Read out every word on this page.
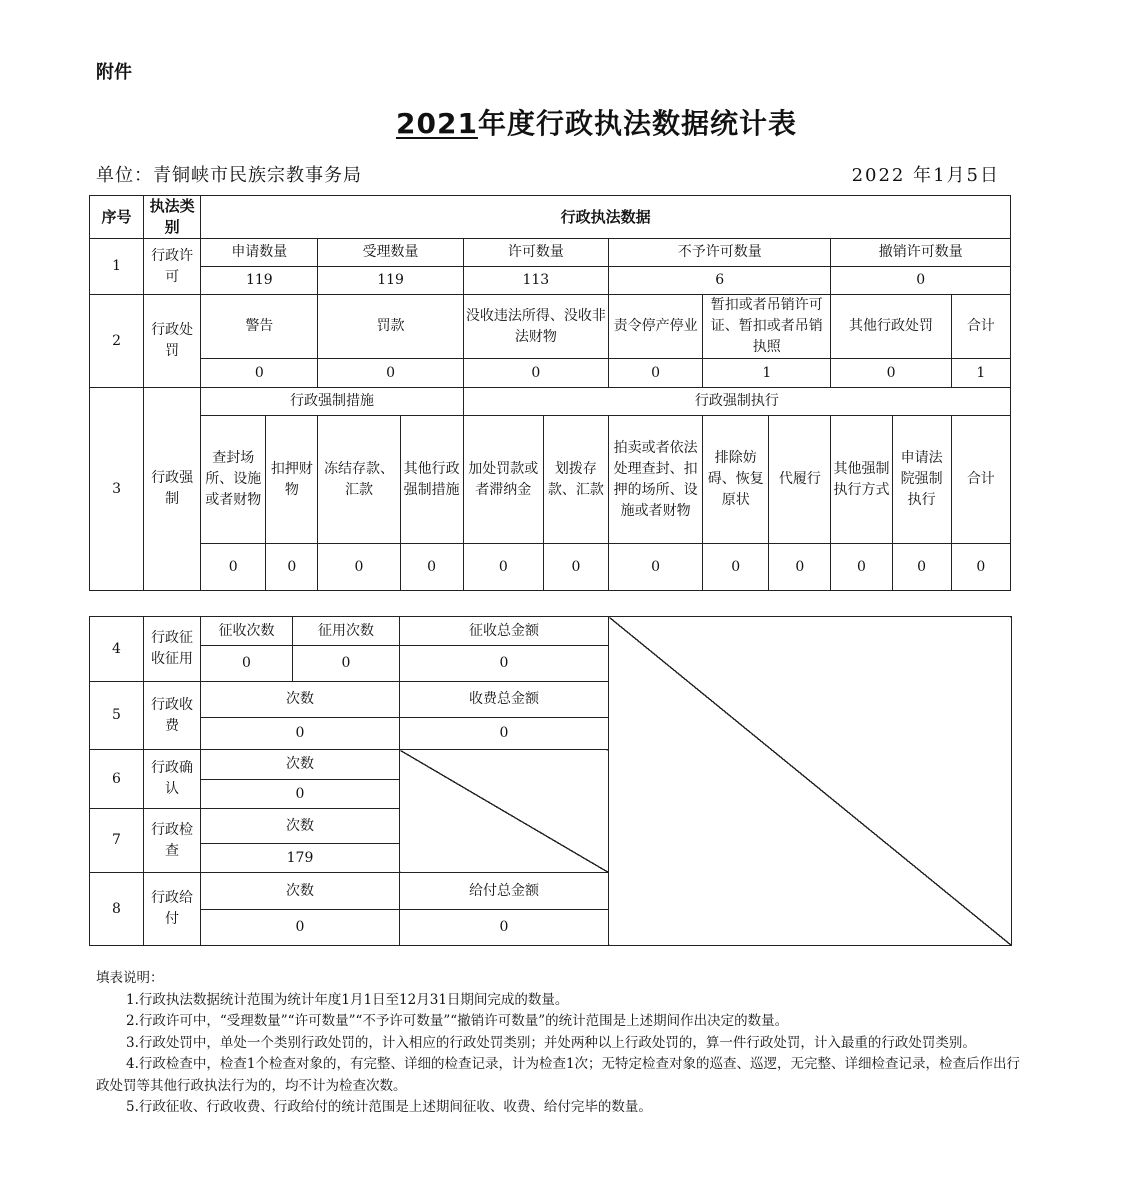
附件
2021年度行政执法数据统计表
单位：青铜峡市民族宗教事务局	2022 年1月5日
序号	执法类别	行政执法数据											
1	行政许可	申请数量		受理数量		许可数量		不予许可数量			撤销许可数量		
		119		119		113		6			0		
2	行政处罚	警告		罚款		没收违法所得、没收非法财物		责令停产停业	暂扣或者吊销许可证、暂扣或者吊销执照		其他行政处罚		合计
		0		0		0		0	1		0		1
3	行政强制	行政强制措施				行政强制执行							
		查封场所、设施或者财物	扣押财物	冻结存款、汇款	其他行政强制措施	加处罚款或者滞纳金	划拨存款、汇款	拍卖或者依法处理查封、扣押的场所、设施或者财物	排除妨碍、恢复原状	代履行	其他强制执行方式	申请法院强制执行	合计
		0	0	0	0	0	0	0	0	0	0	0	0
4	行政征收征用	征收次数	征用次数	征收总金额	
		0	0	0	
5	行政收费	次数		收费总金额	
		0		0	
6	行政确认	次数			
		0			
7	行政检查	次数			
		179			
8	行政给付	次数		给付总金额	
		0		0	

填表说明：

1.行政执法数据统计范围为统计年度1月1日至12月31日期间完成的数量。

2.行政许可中，“受理数量”“许可数量”“不予许可数量”“撤销许可数量”的统计范围是上述期间作出决定的数量。

3.行政处罚中，单处一个类别行政处罚的，计入相应的行政处罚类别；并处两种以上行政处罚的，算一件行政处罚，计入最重的行政处罚类别。

4.行政检查中，检查1个检查对象的，有完整、详细的检查记录，计为检查1次；无特定检查对象的巡查、巡逻，无完整、详细检查记录，检查后作出行政处罚等其他行政执法行为的，均不计为检查次数。

5.行政征收、行政收费、行政给付的统计范围是上述期间征收、收费、给付完毕的数量。
